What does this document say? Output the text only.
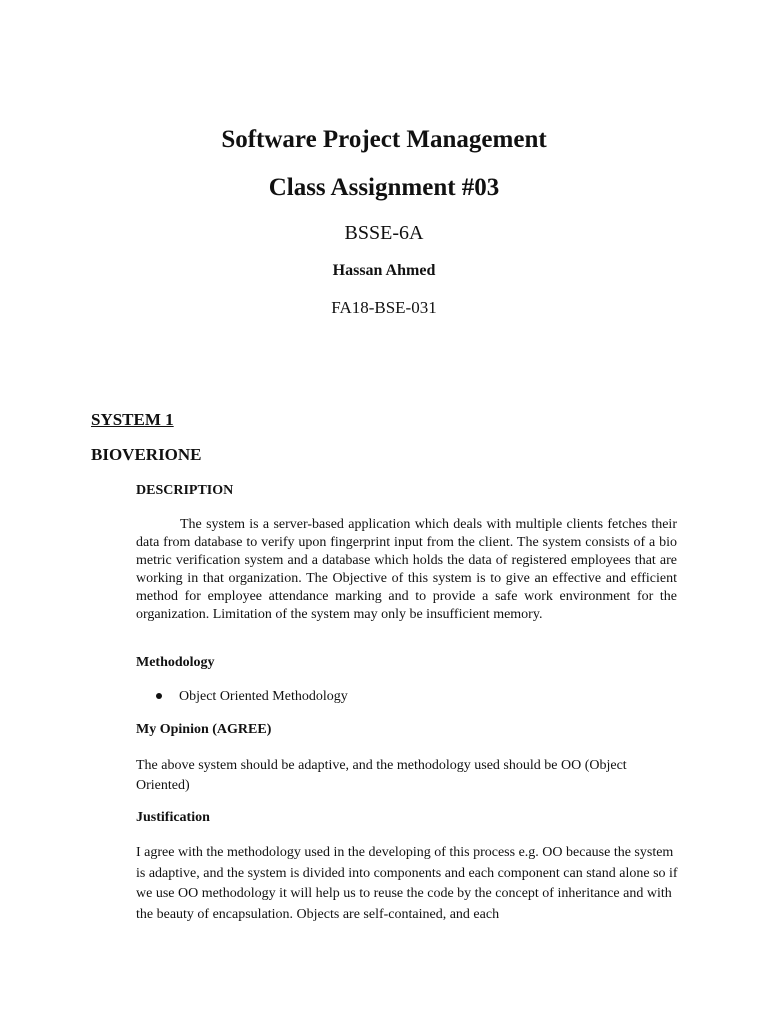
Software Project Management
Class Assignment #03
BSSE-6A
Hassan Ahmed
FA18-BSE-031
SYSTEM 1
BIOVERIONE
DESCRIPTION
The system is a server-based application which deals with multiple clients fetches their data from database to verify upon fingerprint input from the client. The system consists of a bio metric verification system and a database which holds the data of registered employees that are working in that organization. The Objective of this system is to give an effective and efficient method for employee attendance marking and to provide a safe work environment for the organization. Limitation of the system may only be insufficient memory.
Methodology
Object Oriented Methodology
My Opinion (AGREE)
The above system should be adaptive, and the methodology used should be OO (Object Oriented)
Justification
I agree with the methodology used in the developing of this process e.g. OO because the system is adaptive, and the system is divided into components and each component can stand alone so if we use OO methodology it will help us to reuse the code by the concept of inheritance and with the beauty of encapsulation. Objects are self-contained, and each
